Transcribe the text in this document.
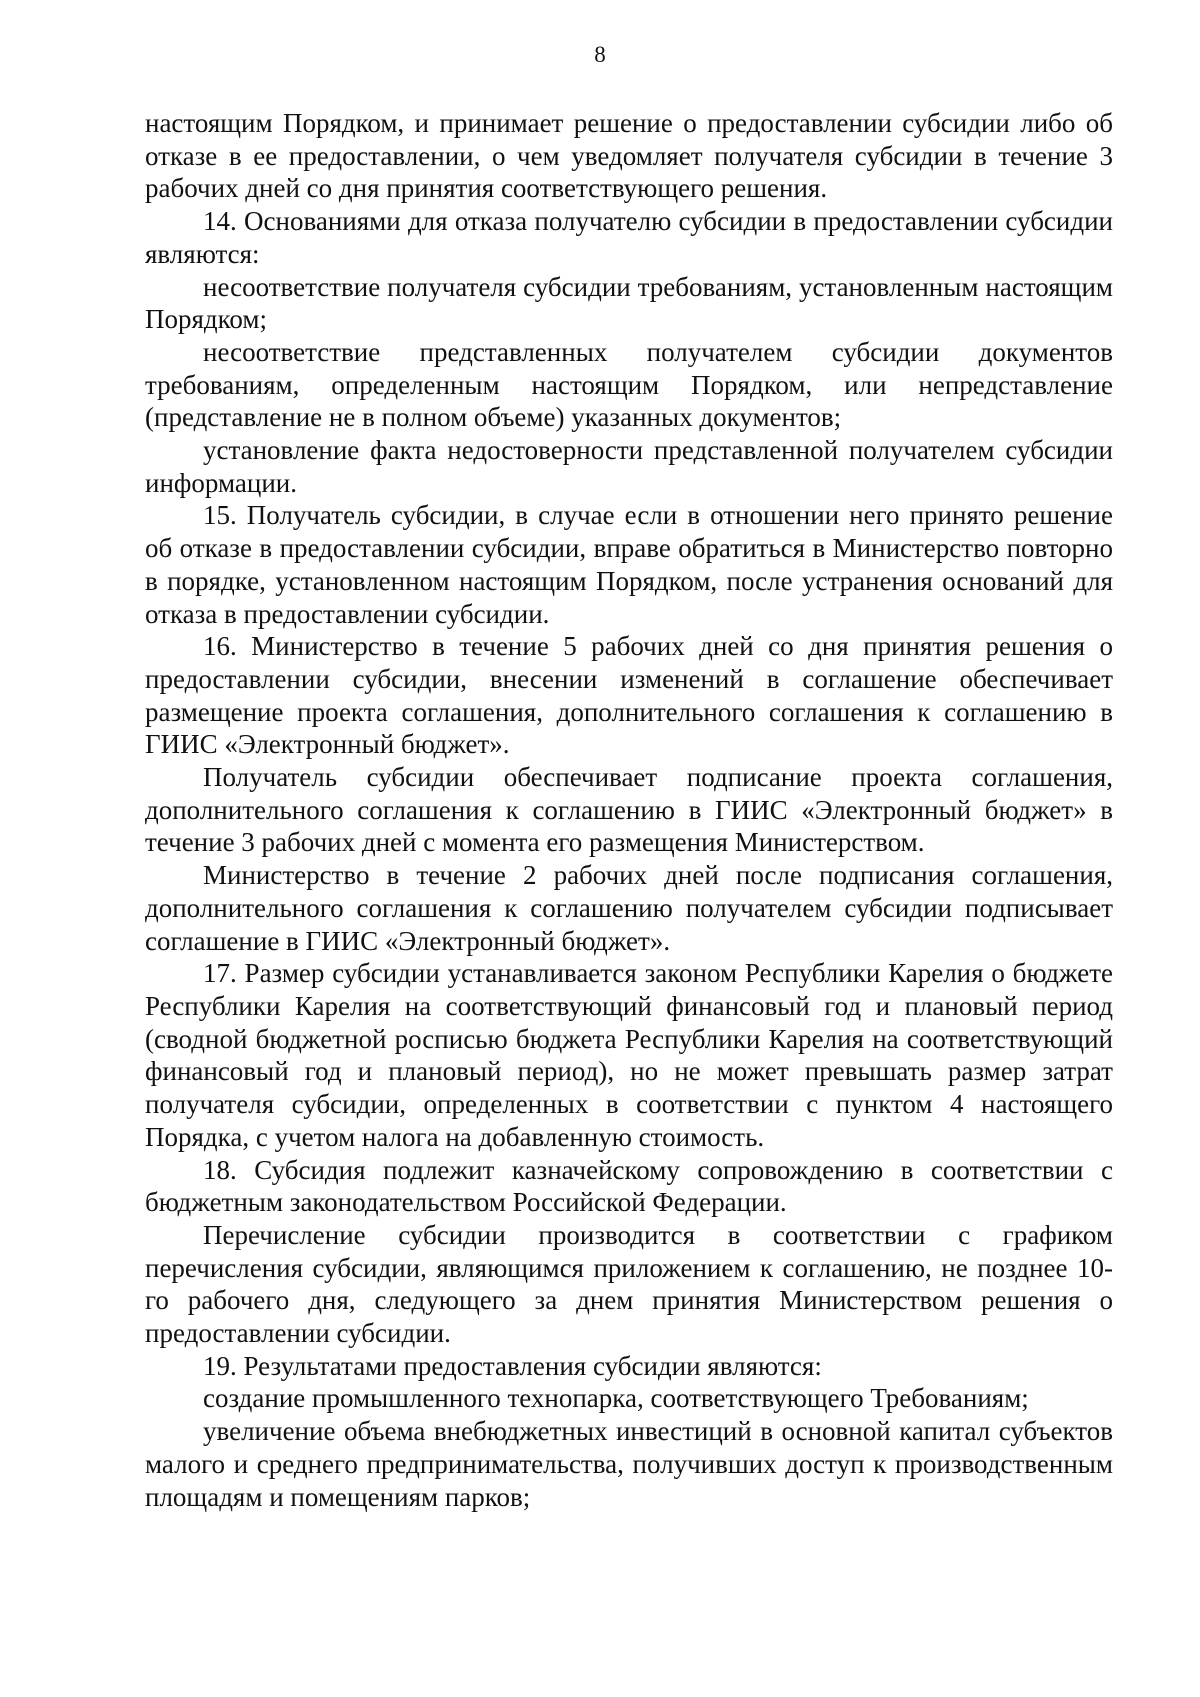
8

настоящим Порядком, и принимает решение о предоставлении субсидии либо об отказе в ее предоставлении, о чем уведомляет получателя субсидии в течение 3 рабочих дней со дня принятия соответствующего решения.

14. Основаниями для отказа получателю субсидии в предоставлении субсидии являются:

несоответствие получателя субсидии требованиям, установленным настоящим Порядком;

несоответствие представленных получателем субсидии документов требованиям, определенным настоящим Порядком, или непредставление (представление не в полном объеме) указанных документов;

установление факта недостоверности представленной получателем субсидии информации.

15. Получатель субсидии, в случае если в отношении него принято решение об отказе в предоставлении субсидии, вправе обратиться в Министерство повторно в порядке, установленном настоящим Порядком, после устранения оснований для отказа в предоставлении субсидии.

16. Министерство в течение 5 рабочих дней со дня принятия решения о предоставлении субсидии, внесении изменений в соглашение обеспечивает размещение проекта соглашения, дополнительного соглашения к соглашению в ГИИС «Электронный бюджет».

Получатель субсидии обеспечивает подписание проекта соглашения, дополнительного соглашения к соглашению в ГИИС «Электронный бюджет» в течение 3 рабочих дней с момента его размещения Министерством.

Министерство в течение 2 рабочих дней после подписания соглашения, дополнительного соглашения к соглашению получателем субсидии подписывает соглашение в ГИИС «Электронный бюджет».

17. Размер субсидии устанавливается законом Республики Карелия о бюджете Республики Карелия на соответствующий финансовый год и плановый период (сводной бюджетной росписью бюджета Республики Карелия на соответствующий финансовый год и плановый период), но не может превышать размер затрат получателя субсидии, определенных в соответствии с пунктом 4 настоящего Порядка, с учетом налога на добавленную стоимость.

18. Субсидия подлежит казначейскому сопровождению в соответствии с бюджетным законодательством Российской Федерации.

Перечисление субсидии производится в соответствии с графиком перечисления субсидии, являющимся приложением к соглашению, не позднее 10-го рабочего дня, следующего за днем принятия Министерством решения о предоставлении субсидии.

19. Результатами предоставления субсидии являются:

создание промышленного технопарка, соответствующего Требованиям;

увеличение объема внебюджетных инвестиций в основной капитал субъектов малого и среднего предпринимательства, получивших доступ к производственным площадям и помещениям парков;
